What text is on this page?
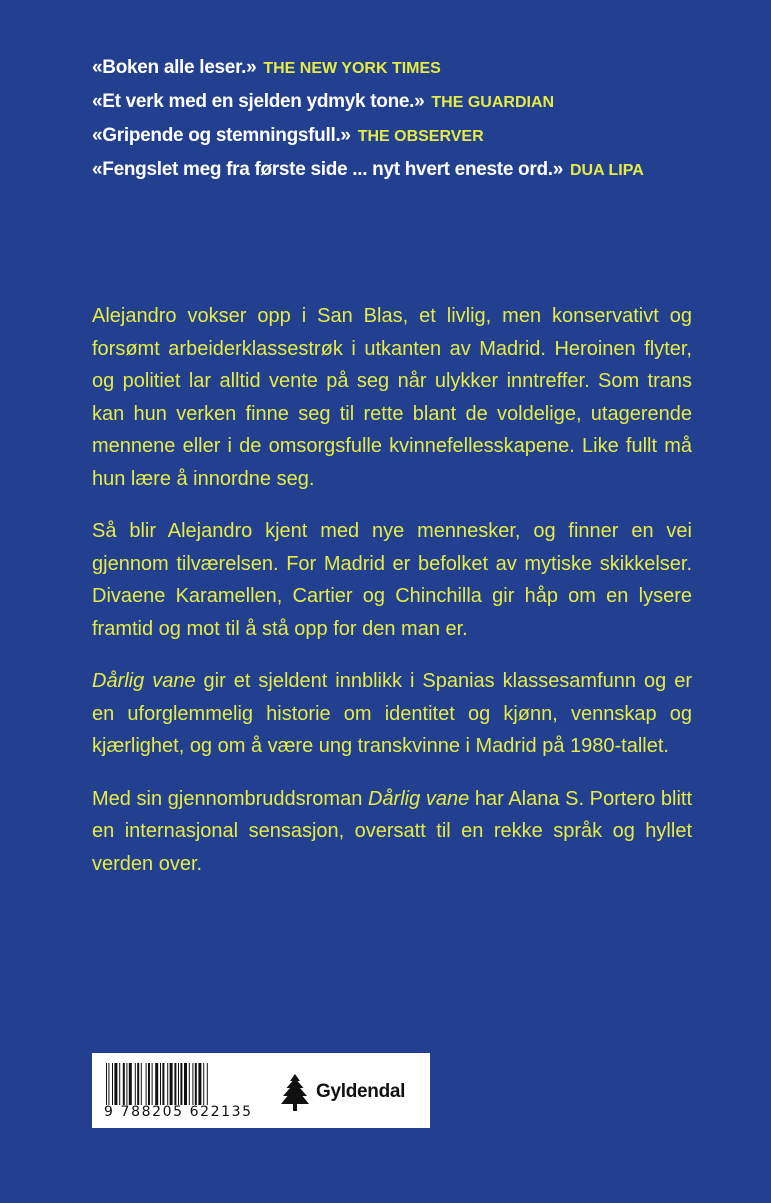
«Boken alle leser.» THE NEW YORK TIMES
«Et verk med en sjelden ydmyk tone.» THE GUARDIAN
«Gripende og stemningsfull.» THE OBSERVER
«Fengslet meg fra første side ... nyt hvert eneste ord.» DUA LIPA

Alejandro vokser opp i San Blas, et livlig, men konservativt og forsømt arbeiderklassestrøk i utkanten av Madrid. Heroinen flyter, og politiet lar alltid vente på seg når ulykker inntreffer. Som trans kan hun verken finne seg til rette blant de voldelige, utagerende mennene eller i de omsorgsfulle kvinnefellesskapene. Like fullt må hun lære å innordne seg.

Så blir Alejandro kjent med nye mennesker, og finner en vei gjennom tilværelsen. For Madrid er befolket av mytiske skikkelser. Divaene Karamellen, Cartier og Chinchilla gir håp om en lysere framtid og mot til å stå opp for den man er.

Dårlig vane gir et sjeldent innblikk i Spanias klassesamfunn og er en uforglemmelig historie om identitet og kjønn, vennskap og kjærlighet, og om å være ung transkvinne i Madrid på 1980-tallet.

Med sin gjennombruddsroman Dårlig vane har Alana S. Portero blitt en internasjonal sensasjon, oversatt til en rekke språk og hyllet verden over.

9 788205 622135
Gyldendal
